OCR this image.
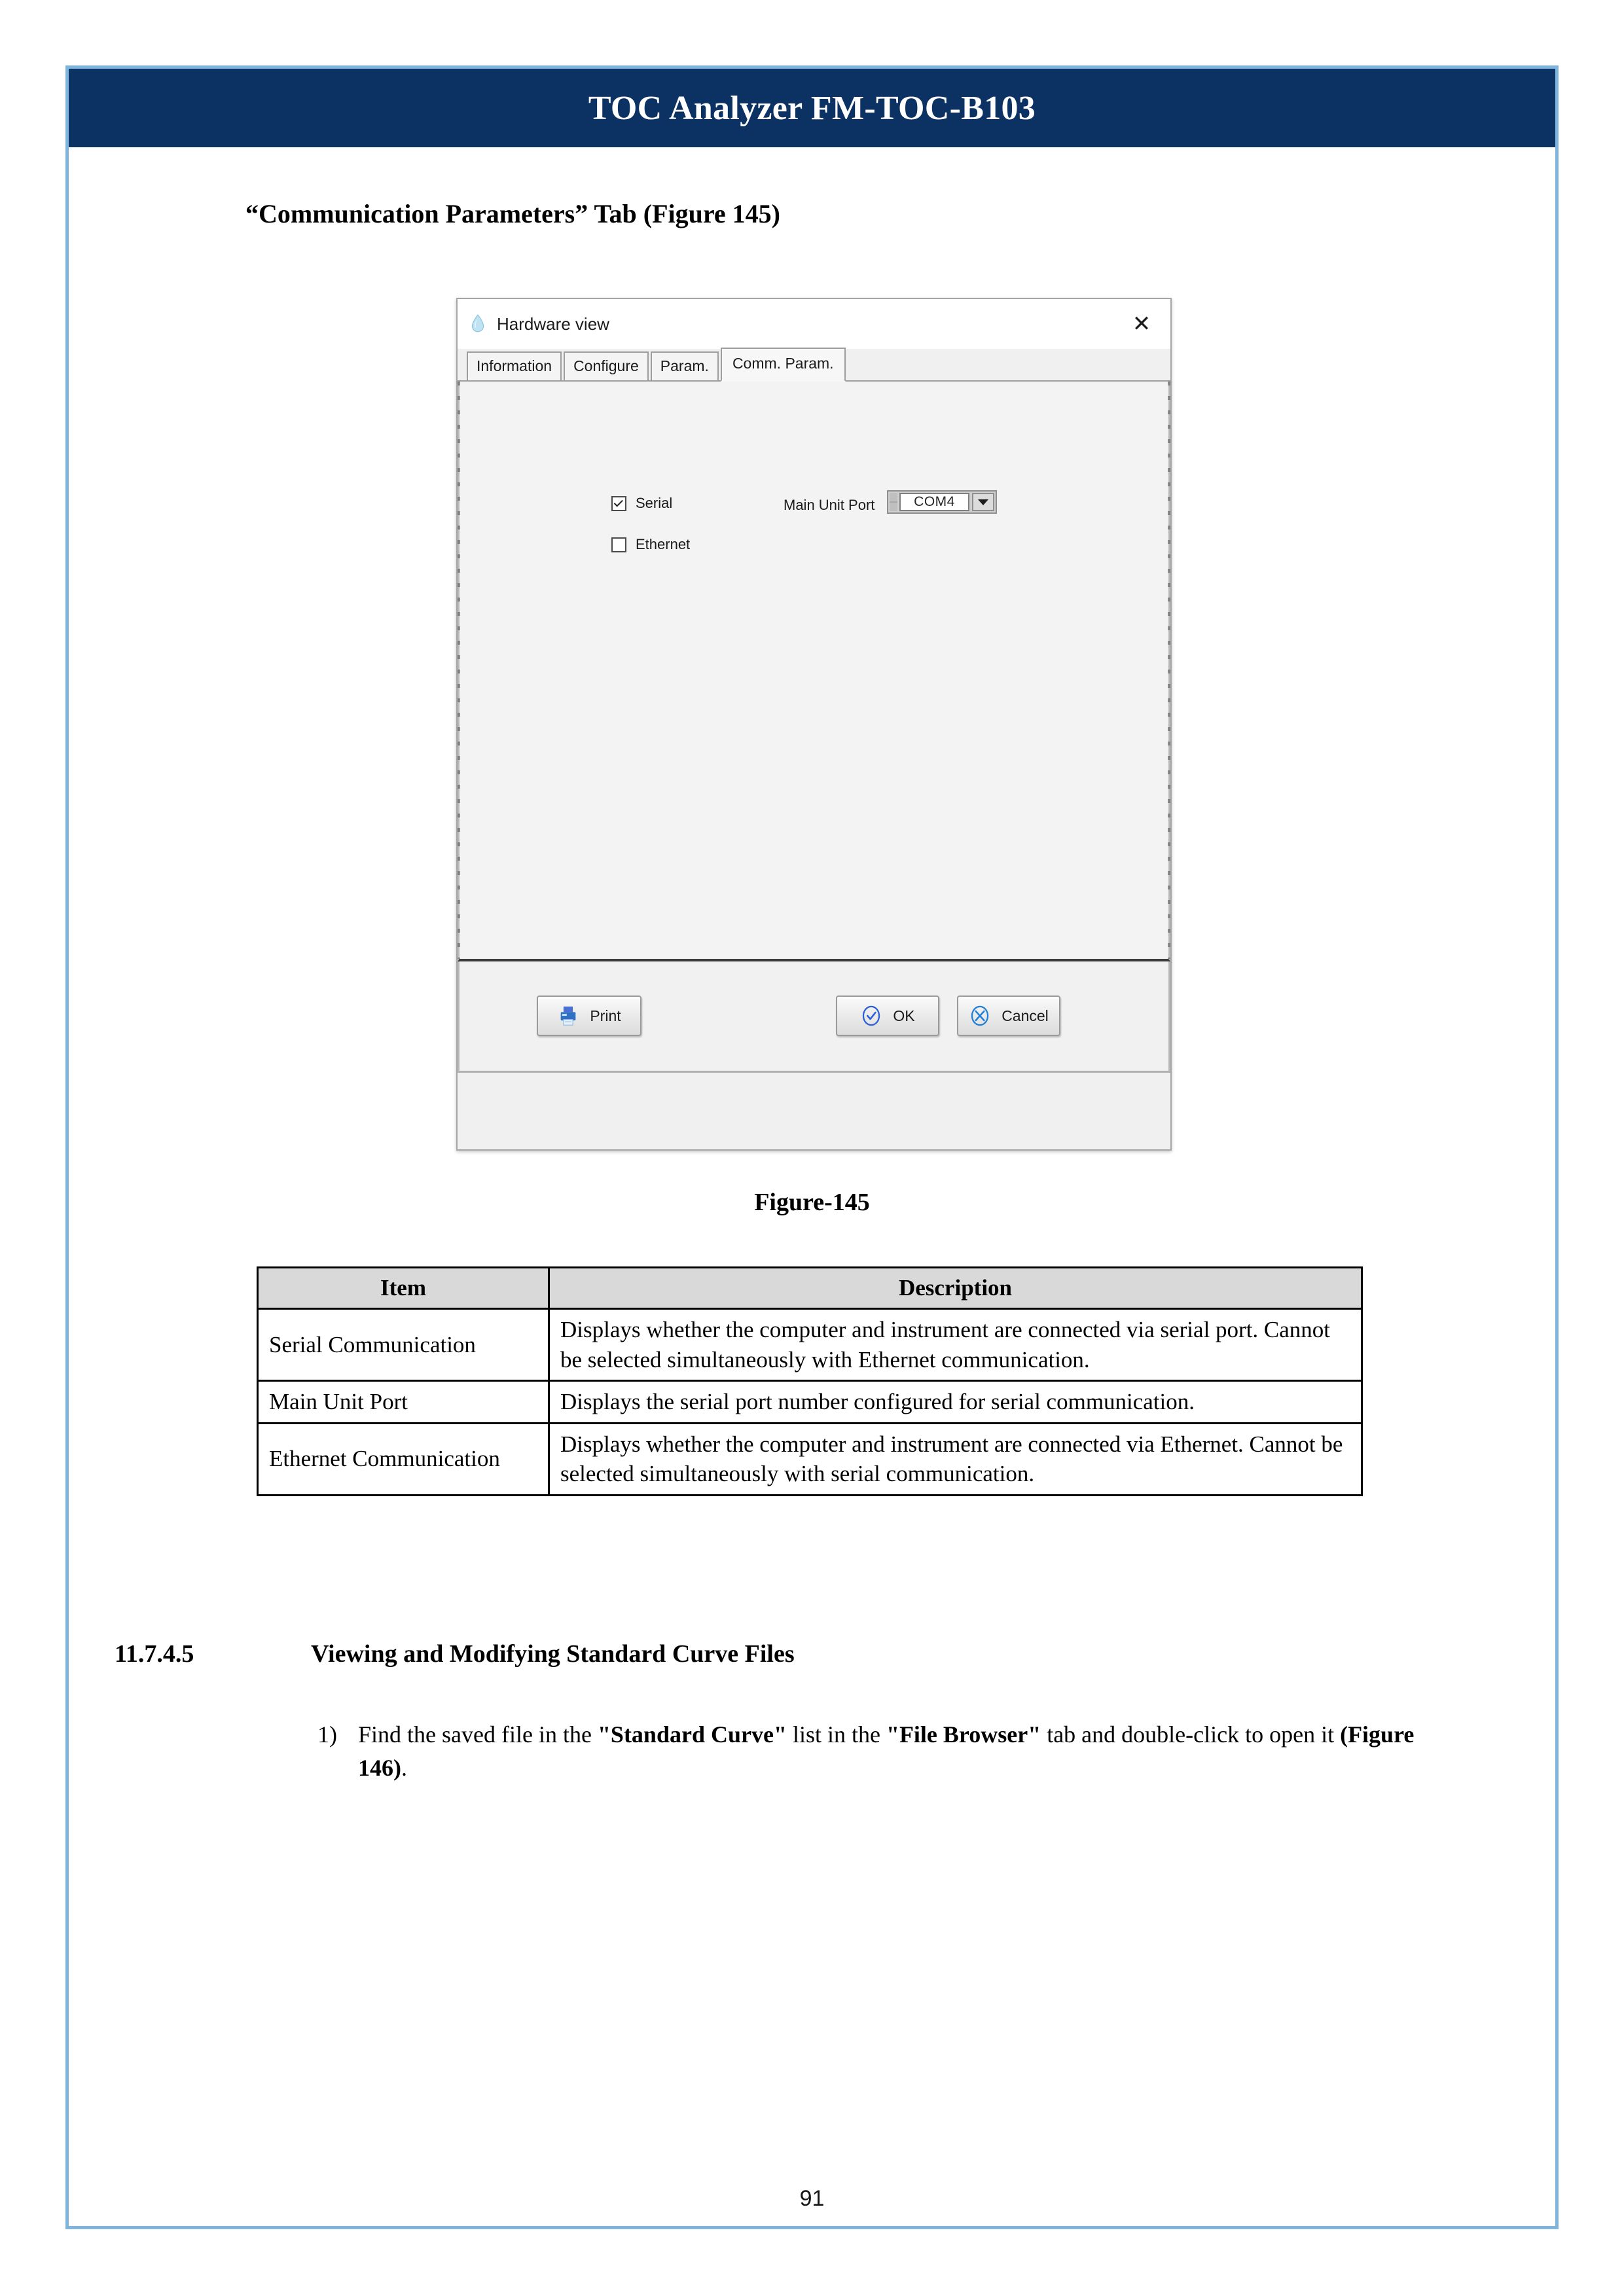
TOC Analyzer FM-TOC-B103
“Communication Parameters” Tab (Figure 145)
Hardware view	✕
Information	Configure	Param.	Comm. Param.
Serial	Main Unit Port	COM4
Ethernet
Print	OK	Cancel
Figure-145
Item	Description
Serial Communication	Displays whether the computer and instrument are connected via serial port. Cannot be selected simultaneously with Ethernet communication.
Main Unit Port	Displays the serial port number configured for serial communication.
Ethernet Communication	Displays whether the computer and instrument are connected via Ethernet. Cannot be selected simultaneously with serial communication.
11.7.4.5	Viewing and Modifying Standard Curve Files
1) Find the saved file in the "Standard Curve" list in the "File Browser" tab and double-click to open it (Figure 146).
91
